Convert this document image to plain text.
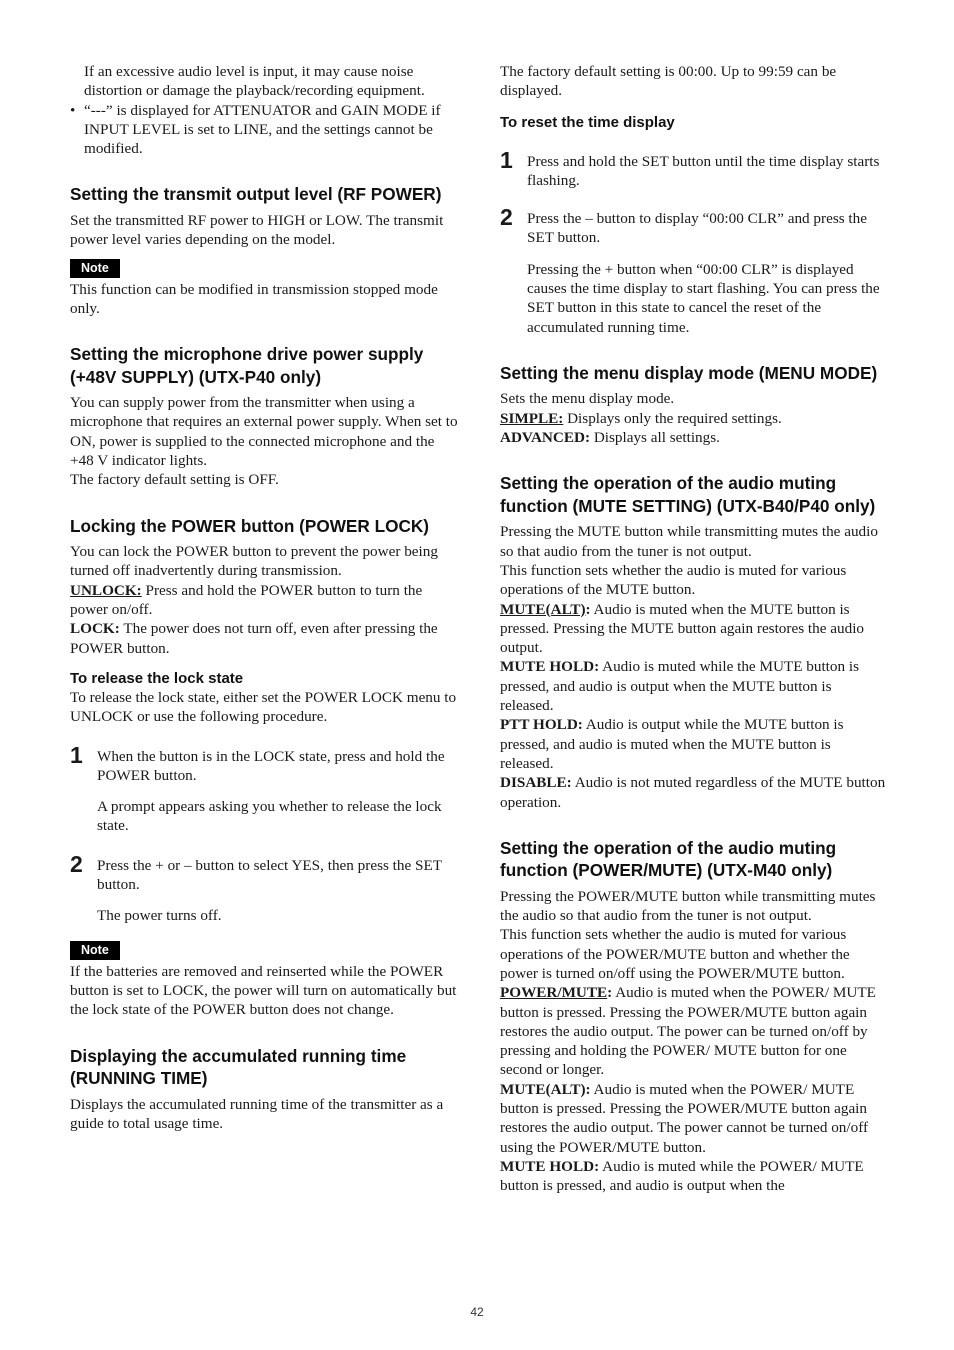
If an excessive audio level is input, it may cause noise distortion or damage the playback/recording equipment.

• “---” is displayed for ATTENUATOR and GAIN MODE if INPUT LEVEL is set to LINE, and the settings cannot be modified.
Setting the transmit output level (RF POWER)

Set the transmitted RF power to HIGH or LOW. The transmit power level varies depending on the model.

Note

This function can be modified in transmission stopped mode only.

Setting the microphone drive power supply (+48V SUPPLY) (UTX-P40 only)

You can supply power from the transmitter when using a microphone that requires an external power supply. When set to ON, power is supplied to the connected microphone and the +48 V indicator lights.

The factory default setting is OFF.

Locking the POWER button (POWER LOCK)

You can lock the POWER button to prevent the power being turned off inadvertently during transmission.

UNLOCK: Press and hold the POWER button to turn the power on/off.

LOCK: The power does not turn off, even after pressing the POWER button.

To release the lock state

To release the lock state, either set the POWER LOCK menu to UNLOCK or use the following procedure.

1 When the button is in the LOCK state, press and hold the POWER button.

A prompt appears asking you whether to release the lock state.

2 Press the + or – button to select YES, then press the SET button.

The power turns off.

Note

If the batteries are removed and reinserted while the POWER button is set to LOCK, the power will turn on automatically but the lock state of the POWER button does not change.

Displaying the accumulated running time (RUNNING TIME)

Displays the accumulated running time of the transmitter as a guide to total usage time.

The factory default setting is 00:00. Up to 99:59 can be displayed.

To reset the time display
1 Press and hold the SET button until the time display starts flashing.

2 Press the – button to display “00:00 CLR” and press the SET button.

Pressing the + button when “00:00 CLR” is displayed causes the time display to start flashing. You can press the SET button in this state to cancel the reset of the accumulated running time.

Setting the menu display mode (MENU MODE)

Sets the menu display mode.

SIMPLE: Displays only the required settings.

ADVANCED: Displays all settings.

Setting the operation of the audio muting function (MUTE SETTING) (UTX-B40/P40 only)

Pressing the MUTE button while transmitting mutes the audio so that audio from the tuner is not output.

This function sets whether the audio is muted for various operations of the MUTE button.

MUTE(ALT): Audio is muted when the MUTE button is pressed. Pressing the MUTE button again restores the audio output.

MUTE HOLD: Audio is muted while the MUTE button is pressed, and audio is output when the MUTE button is released.

PTT HOLD: Audio is output while the MUTE button is pressed, and audio is muted when the MUTE button is released.

DISABLE: Audio is not muted regardless of the MUTE button operation.

Setting the operation of the audio muting function (POWER/MUTE) (UTX-M40 only)

Pressing the POWER/MUTE button while transmitting mutes the audio so that audio from the tuner is not output.

This function sets whether the audio is muted for various operations of the POWER/MUTE button and whether the power is turned on/off using the POWER/MUTE button.

POWER/MUTE: Audio is muted when the POWER/ MUTE button is pressed. Pressing the POWER/MUTE button again restores the audio output. The power can be turned on/off by pressing and holding the POWER/ MUTE button for one second or longer.

MUTE(ALT): Audio is muted when the POWER/ MUTE button is pressed. Pressing the POWER/MUTE button again restores the audio output. The power cannot be turned on/off using the POWER/MUTE button.

MUTE HOLD: Audio is muted while the POWER/ MUTE button is pressed, and audio is output when the

42
